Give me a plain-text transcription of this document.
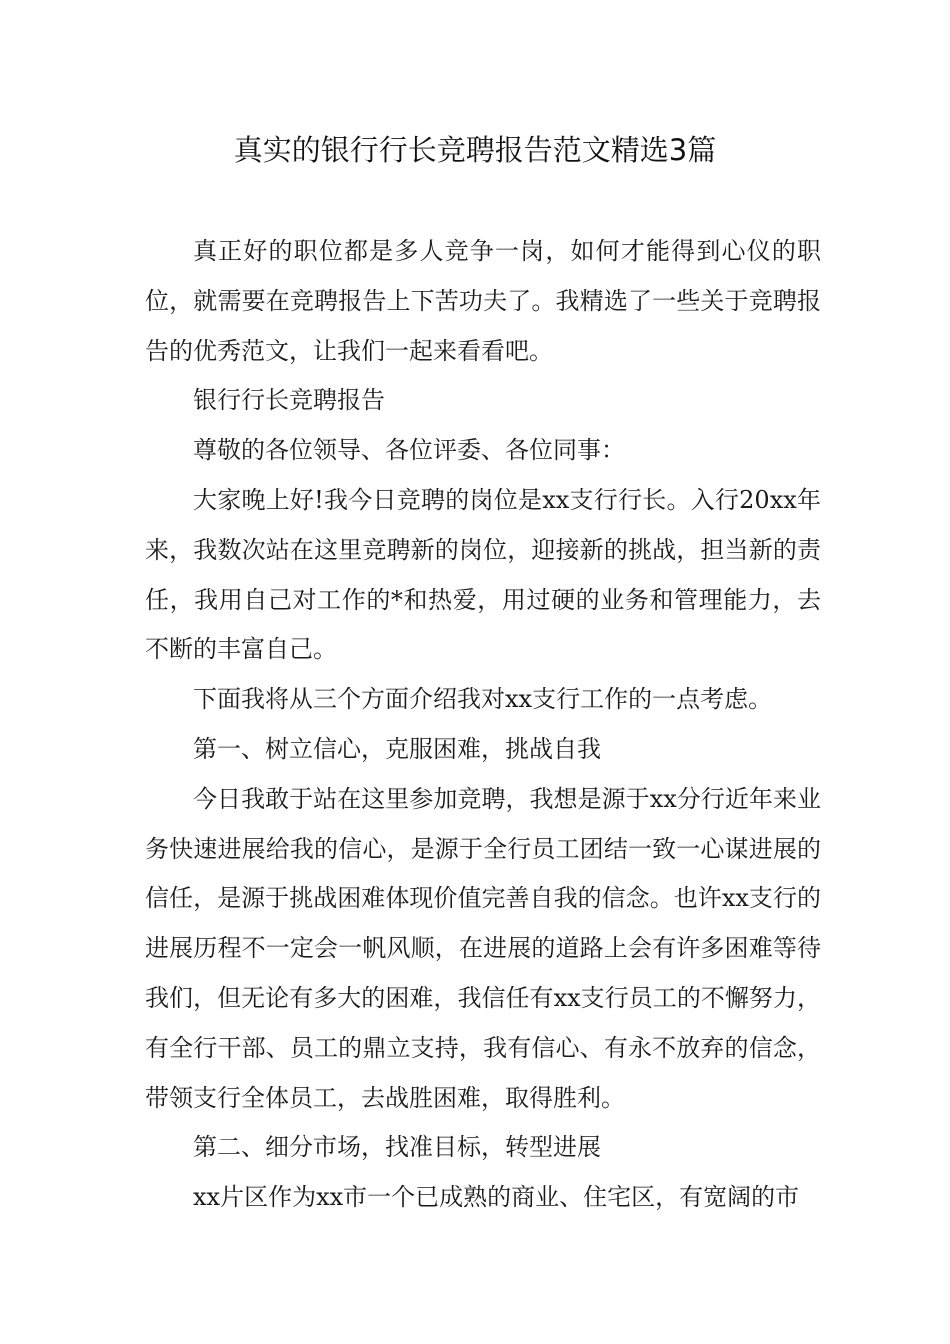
真实的银行行长竞聘报告范文精选3篇

真正好的职位都是多人竞争一岗，如何才能得到心仪的职位，就需要在竞聘报告上下苦功夫了。我精选了一些关于竞聘报告的优秀范文，让我们一起来看看吧。

银行行长竞聘报告

尊敬的各位领导、各位评委、各位同事：

大家晚上好!我今日竞聘的岗位是xx支行行长。入行20xx年来，我数次站在这里竞聘新的岗位，迎接新的挑战，担当新的责任，我用自己对工作的*和热爱，用过硬的业务和管理能力，去不断的丰富自己。

下面我将从三个方面介绍我对xx支行工作的一点考虑。

第一、树立信心，克服困难，挑战自我

今日我敢于站在这里参加竞聘，我想是源于xx分行近年来业务快速进展给我的信心，是源于全行员工团结一致一心谋进展的信任，是源于挑战困难体现价值完善自我的信念。也许xx支行的进展历程不一定会一帆风顺，在进展的道路上会有许多困难等待我们，但无论有多大的困难，我信任有xx支行员工的不懈努力，有全行干部、员工的鼎立支持，我有信心、有永不放弃的信念，带领支行全体员工，去战胜困难，取得胜利。

第二、细分市场，找准目标，转型进展

xx片区作为xx市一个已成熟的商业、住宅区，有宽阔的市
